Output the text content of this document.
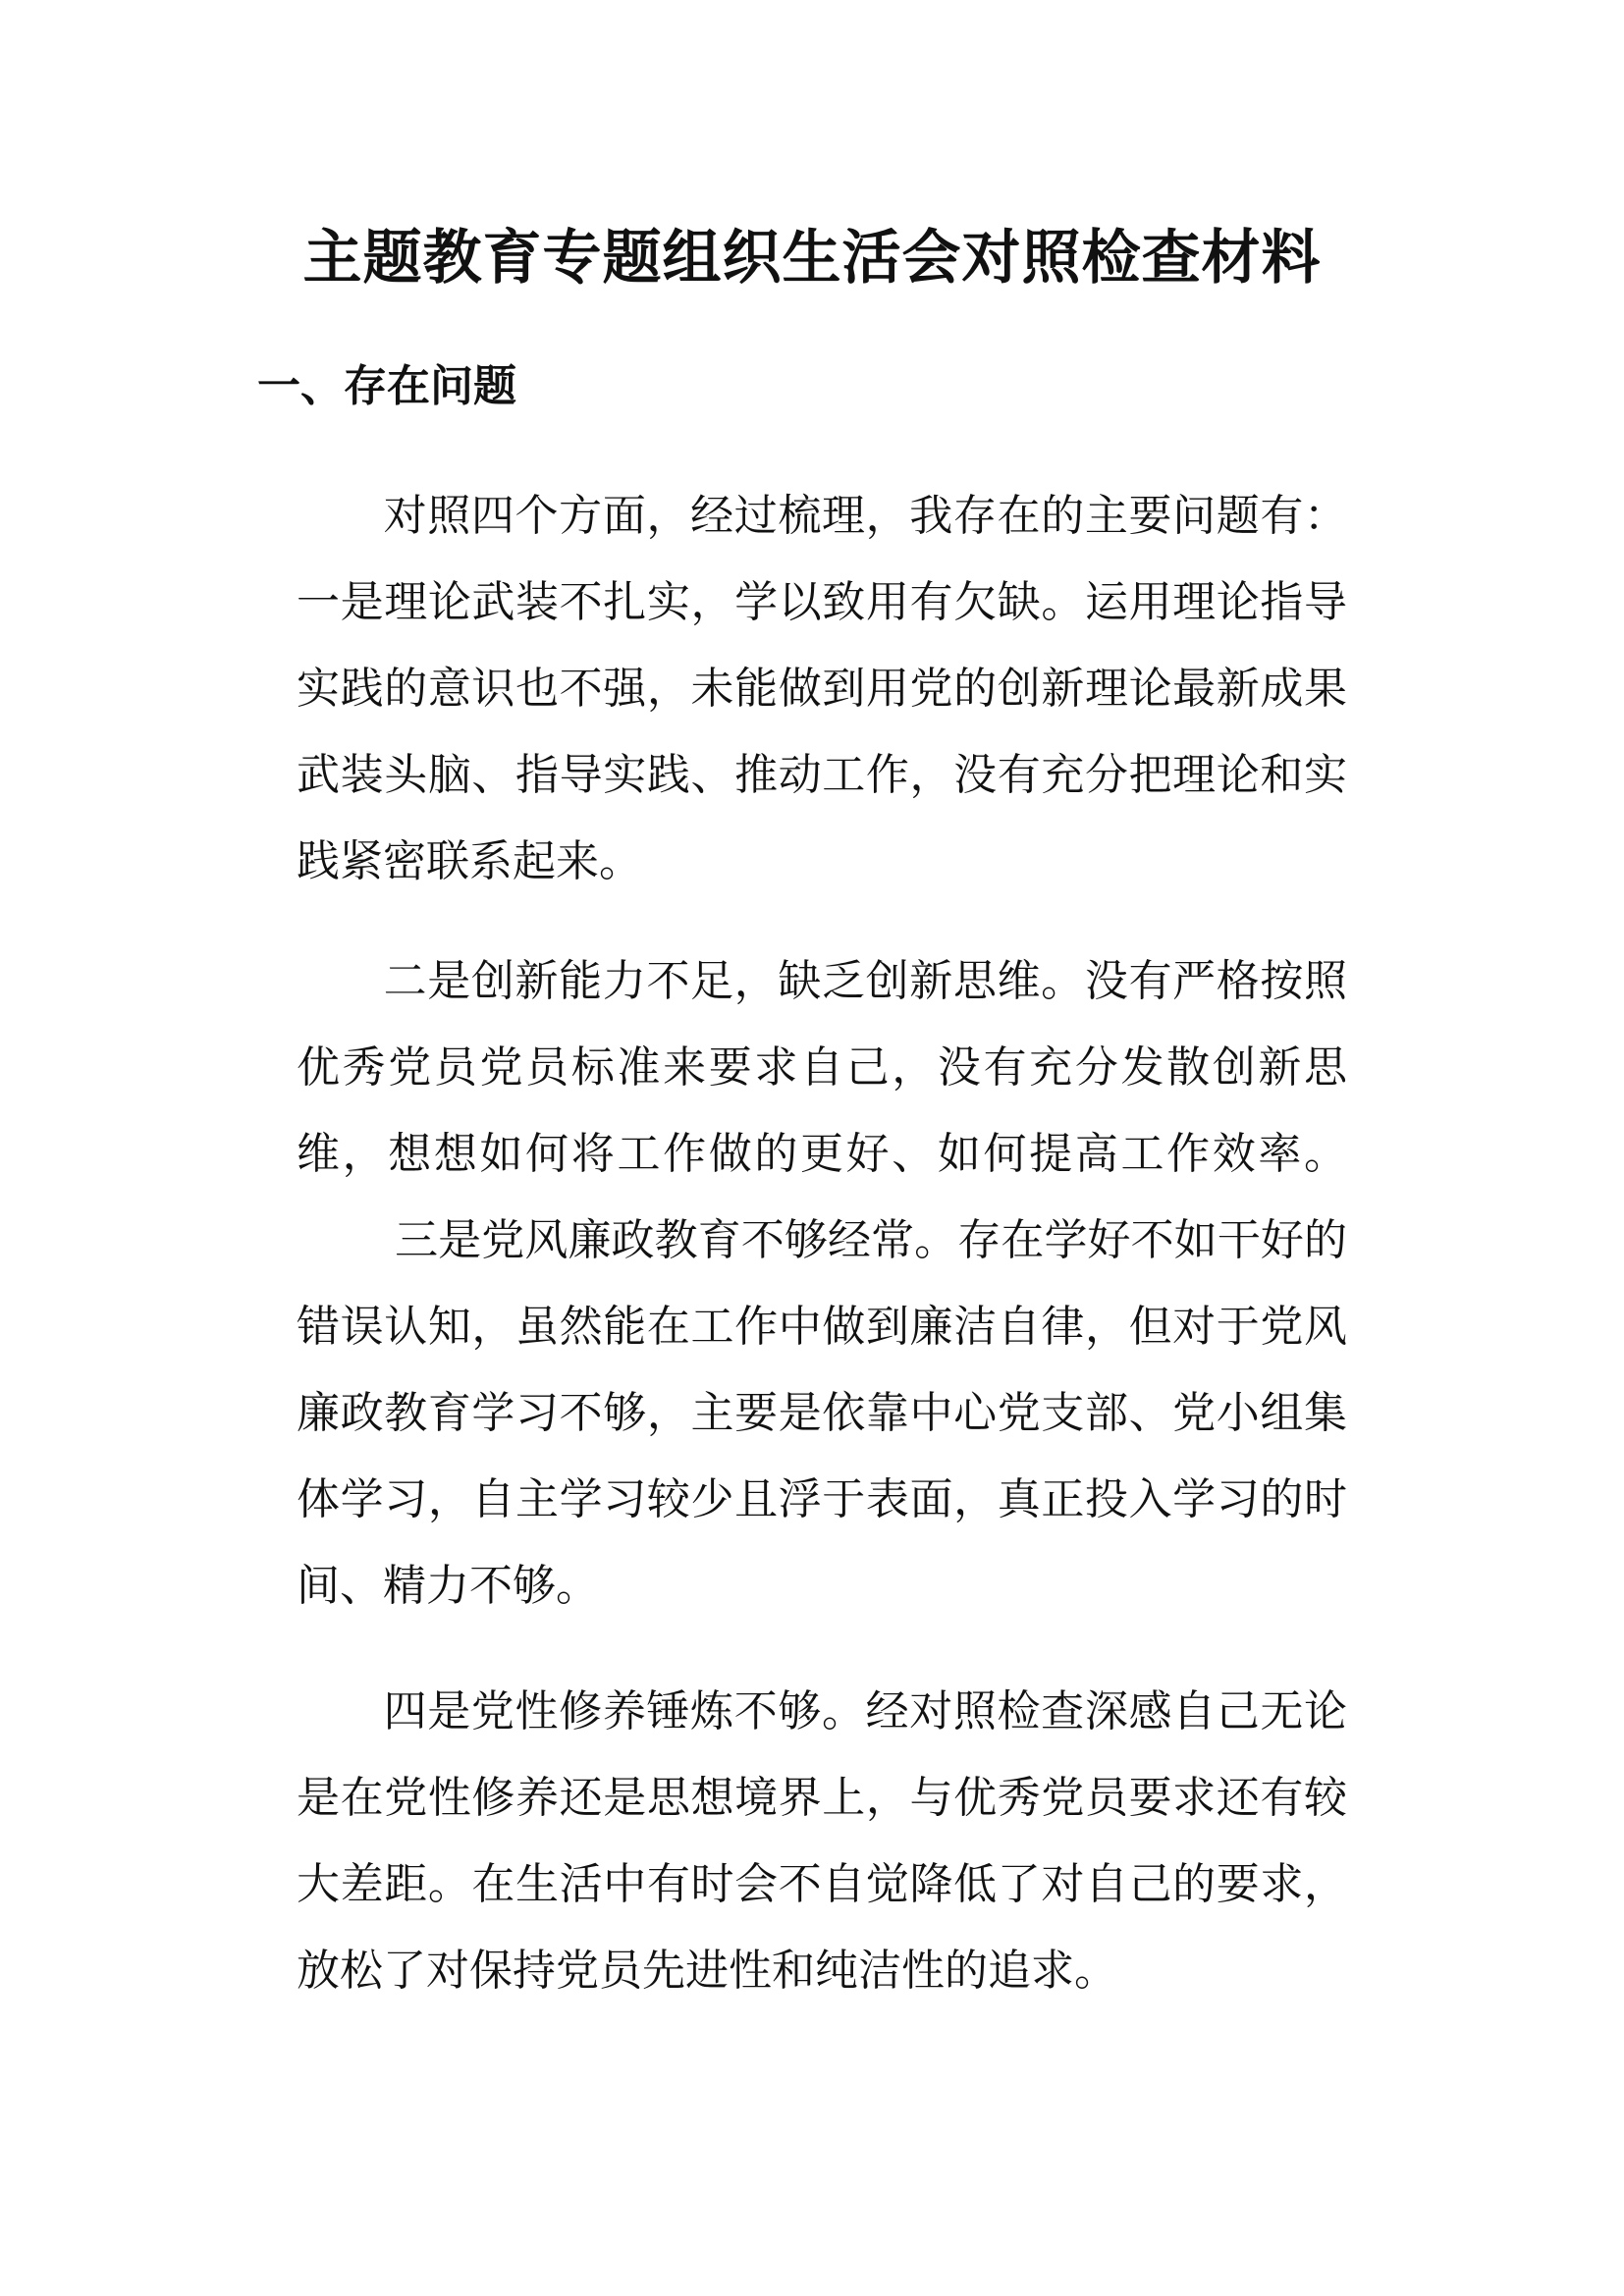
主题教育专题组织生活会对照检查材料
一、存在问题

对照四个方面，经过梳理，我存在的主要问题有：一是理论武装不扎实，学以致用有欠缺。运用理论指导实践的意识也不强，未能做到用党的创新理论最新成果武装头脑、指导实践、推动工作，没有充分把理论和实践紧密联系起来。

二是创新能力不足，缺乏创新思维。没有严格按照优秀党员党员标准来要求自己，没有充分发散创新思维，想想如何将工作做的更好、如何提高工作效率。三是党风廉政教育不够经常。存在学好不如干好的错误认知，虽然能在工作中做到廉洁自律，但对于党风廉政教育学习不够，主要是依靠中心党支部、党小组集体学习，自主学习较少且浮于表面，真正投入学习的时间、精力不够。

四是党性修养锤炼不够。经对照检查深感自己无论是在党性修养还是思想境界上，与优秀党员要求还有较大差距。在生活中有时会不自觉降低了对自己的要求，放松了对保持党员先进性和纯洁性的追求。
